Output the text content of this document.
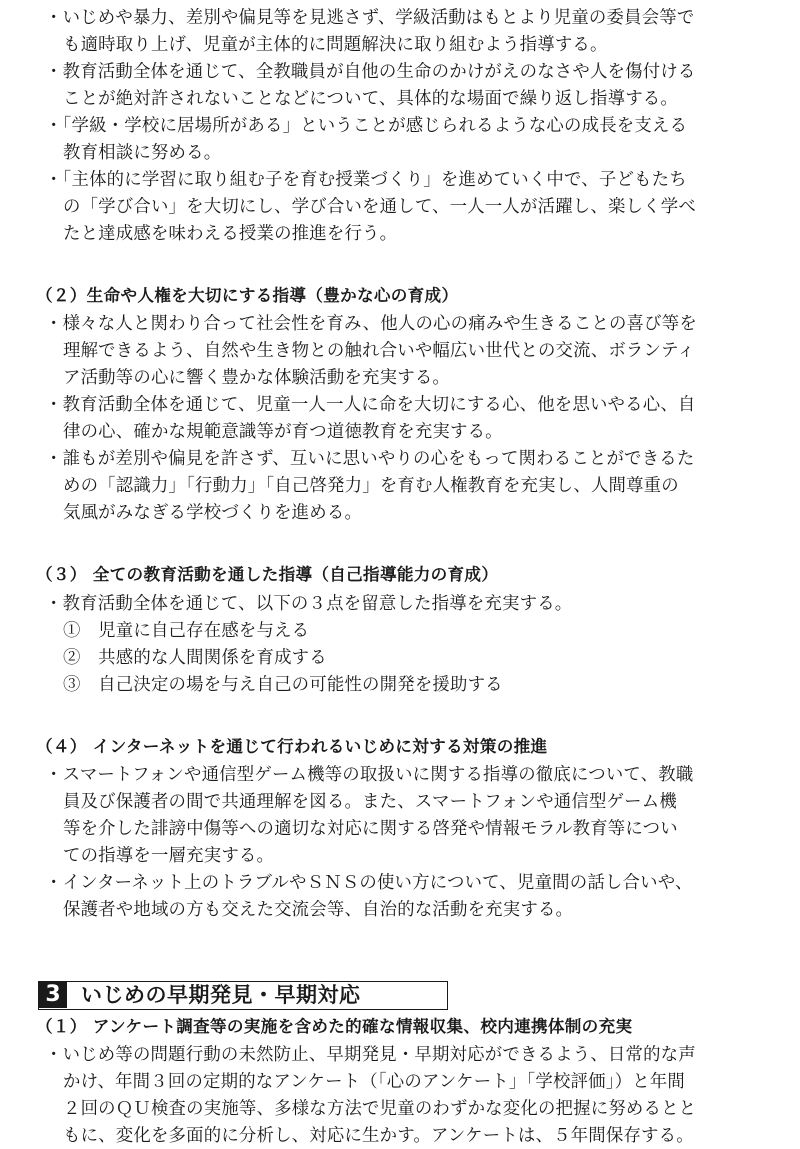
・いじめや暴力、差別や偏見等を見逃さず、学級活動はもとより児童の委員会等で
も適時取り上げ、児童が主体的に問題解決に取り組むよう指導する。
・教育活動全体を通じて、全教職員が自他の生命のかけがえのなさや人を傷付ける
ことが絶対許されないことなどについて、具体的な場面で繰り返し指導する。
・「学級・学校に居場所がある」ということが感じられるような心の成長を支える
教育相談に努める。
・「主体的に学習に取り組む子を育む授業づくり」を進めていく中で、子どもたち
の「学び合い」を大切にし、学び合いを通して、一人一人が活躍し、楽しく学べ
たと達成感を味わえる授業の推進を行う。
（２）生命や人権を大切にする指導（豊かな心の育成）
・様々な人と関わり合って社会性を育み、他人の心の痛みや生きることの喜び等を
理解できるよう、自然や生き物との触れ合いや幅広い世代との交流、ボランティ
ア活動等の心に響く豊かな体験活動を充実する。
・教育活動全体を通じて、児童一人一人に命を大切にする心、他を思いやる心、自
律の心、確かな規範意識等が育つ道徳教育を充実する。
・誰もが差別や偏見を許さず、互いに思いやりの心をもって関わることができるた
めの「認識力」「行動力」「自己啓発力」を育む人権教育を充実し、人間尊重の
気風がみなぎる学校づくりを進める。
（３） 全ての教育活動を通した指導（自己指導能力の育成）
・教育活動全体を通じて、以下の３点を留意した指導を充実する。
①　児童に自己存在感を与える
②　共感的な人間関係を育成する
③　自己決定の場を与え自己の可能性の開発を援助する
（４） インターネットを通じて行われるいじめに対する対策の推進
・スマートフォンや通信型ゲーム機等の取扱いに関する指導の徹底について、教職
員及び保護者の間で共通理解を図る。また、スマートフォンや通信型ゲーム機
等を介した誹謗中傷等への適切な対応に関する啓発や情報モラル教育等につい
ての指導を一層充実する。
・インターネット上のトラブルやＳＮＳの使い方について、児童間の話し合いや、
保護者や地域の方も交えた交流会等、自治的な活動を充実する。
3 いじめの早期発見・早期対応
（１） アンケート調査等の実施を含めた的確な情報収集、校内連携体制の充実
・いじめ等の問題行動の未然防止、早期発見・早期対応ができるよう、日常的な声
かけ、年間３回の定期的なアンケート（「心のアンケート」「学校評価」）と年間
２回のＱＵ検査の実施等、多様な方法で児童のわずかな変化の把握に努めるとと
もに、変化を多面的に分析し、対応に生かす。アンケートは、５年間保存する。
